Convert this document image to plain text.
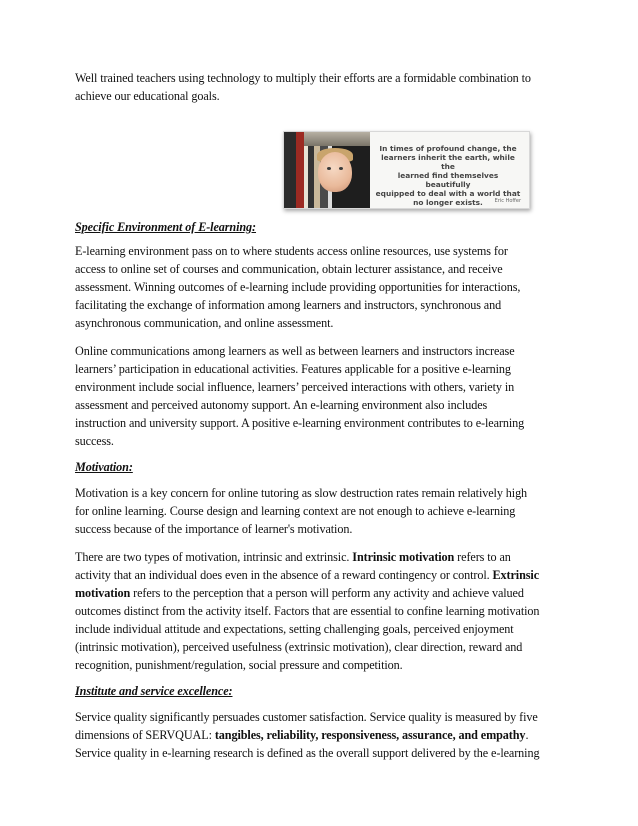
Well trained teachers using technology to multiply their efforts are a formidable combination to
achieve our educational goals.

In times of profound change, the
learners inherit the earth, while the
learned find themselves beautifully
equipped to deal with a world that
no longer exists.	Eric Hoffer

Specific Environment of E-learning:

E-learning environment pass on to where students access online resources, use systems for
access to online set of courses and communication, obtain lecturer assistance, and receive
assessment. Winning outcomes of e-learning include providing opportunities for interactions,
facilitating the exchange of information among learners and instructors, synchronous and
asynchronous communication, and online assessment.

Online communications among learners as well as between learners and instructors increase
learners’ participation in educational activities. Features applicable for a positive e-learning
environment include social influence, learners’ perceived interactions with others, variety in
assessment and perceived autonomy support. An e-learning environment also includes
instruction and university support. A positive e-learning environment contributes to e-learning
success.

Motivation:

Motivation is a key concern for online tutoring as slow destruction rates remain relatively high
for online learning. Course design and learning context are not enough to achieve e-learning
success because of the importance of learner's motivation.

There are two types of motivation, intrinsic and extrinsic. Intrinsic motivation refers to an
activity that an individual does even in the absence of a reward contingency or control. Extrinsic
motivation refers to the perception that a person will perform any activity and achieve valued
outcomes distinct from the activity itself. Factors that are essential to confine learning motivation
include individual attitude and expectations, setting challenging goals, perceived enjoyment
(intrinsic motivation), perceived usefulness (extrinsic motivation), clear direction, reward and
recognition, punishment/regulation, social pressure and competition.

Institute and service excellence:

Service quality significantly persuades customer satisfaction. Service quality is measured by five
dimensions of SERVQUAL: tangibles, reliability, responsiveness, assurance, and empathy.
Service quality in e-learning research is defined as the overall support delivered by the e-learning
